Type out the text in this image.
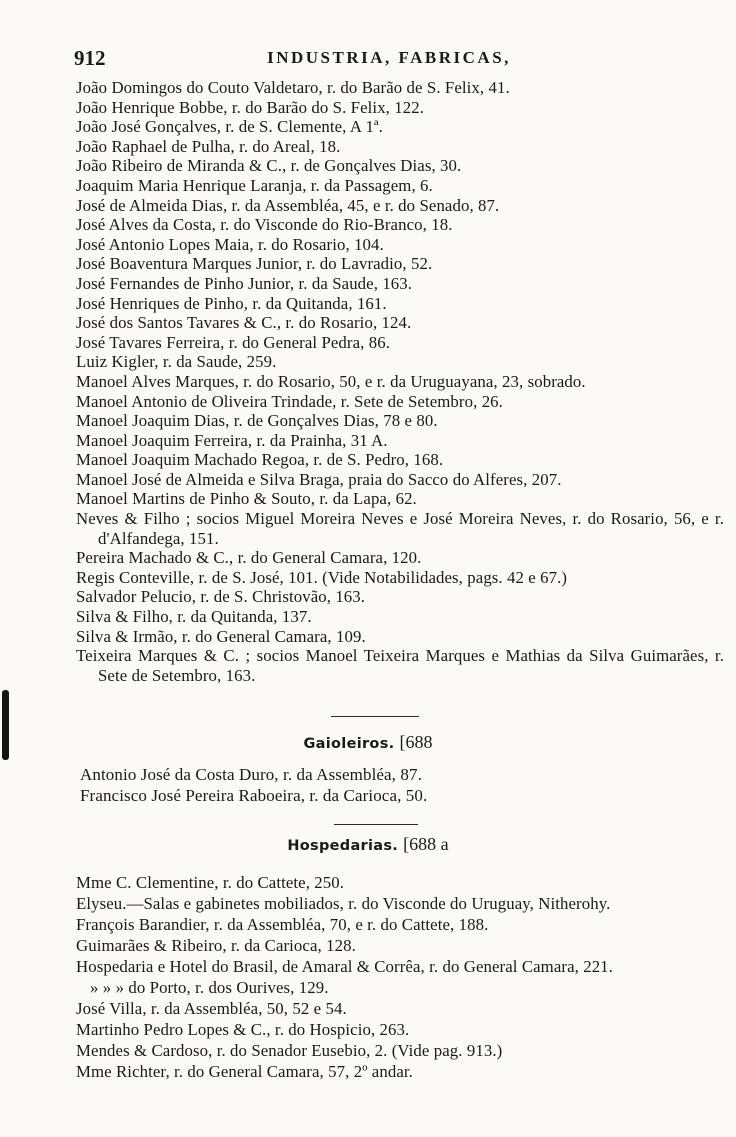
912	INDUSTRIA, FABRICAS,
João Domingos do Couto Valdetaro, r. do Barão de S. Felix, 41.
João Henrique Bobbe, r. do Barão do S. Felix, 122.
João José Gonçalves, r. de S. Clemente, A 1ª.
João Raphael de Pulha, r. do Areal, 18.
João Ribeiro de Miranda & C., r. de Gonçalves Dias, 30.
Joaquim Maria Henrique Laranja, r. da Passagem, 6.
José de Almeida Dias, r. da Assembléa, 45, e r. do Senado, 87.
José Alves da Costa, r. do Visconde do Rio-Branco, 18.
José Antonio Lopes Maia, r. do Rosario, 104.
José Boaventura Marques Junior, r. do Lavradio, 52.
José Fernandes de Pinho Junior, r. da Saude, 163.
José Henriques de Pinho, r. da Quitanda, 161.
José dos Santos Tavares & C., r. do Rosario, 124.
José Tavares Ferreira, r. do General Pedra, 86.
Luiz Kigler, r. da Saude, 259.
Manoel Alves Marques, r. do Rosario, 50, e r. da Uruguayana, 23, sobrado.
Manoel Antonio de Oliveira Trindade, r. Sete de Setembro, 26.
Manoel Joaquim Dias, r. de Gonçalves Dias, 78 e 80.
Manoel Joaquim Ferreira, r. da Prainha, 31 A.
Manoel Joaquim Machado Regoa, r. de S. Pedro, 168.
Manoel José de Almeida e Silva Braga, praia do Sacco do Alferes, 207.
Manoel Martins de Pinho & Souto, r. da Lapa, 62.
Neves & Filho ; socios Miguel Moreira Neves e José Moreira Neves, r. do Rosario, 56, e r. d'Alfandega, 151.
Pereira Machado & C., r. do General Camara, 120.
Regis Conteville, r. de S. José, 101. (Vide Notabilidades, pags. 42 e 67.)
Salvador Pelucio, r. de S. Christovão, 163.
Silva & Filho, r. da Quitanda, 137.
Silva & Irmão, r. do General Camara, 109.
Teixeira Marques & C. ; socios Manoel Teixeira Marques e Mathias da Silva Guimarães, r. Sete de Setembro, 163.
Gaioleiros. [688
Antonio José da Costa Duro, r. da Assembléa, 87.
Francisco José Pereira Raboeira, r. da Carioca, 50.
Hospedarias. [688 a
Mme C. Clementine, r. do Cattete, 250.
Elyseu.—Salas e gabinetes mobiliados, r. do Visconde do Uruguay, Nitherohy.
François Barandier, r. da Assembléa, 70, e r. do Cattete, 188.
Guimarães & Ribeiro, r. da Carioca, 128.
Hospedaria e Hotel do Brasil, de Amaral & Corrêa, r. do General Camara, 221.
» » » do Porto, r. dos Ourives, 129.
José Villa, r. da Assembléa, 50, 52 e 54.
Martinho Pedro Lopes & C., r. do Hospicio, 263.
Mendes & Cardoso, r. do Senador Eusebio, 2. (Vide pag. 913.)
Mme Richter, r. do General Camara, 57, 2º andar.
